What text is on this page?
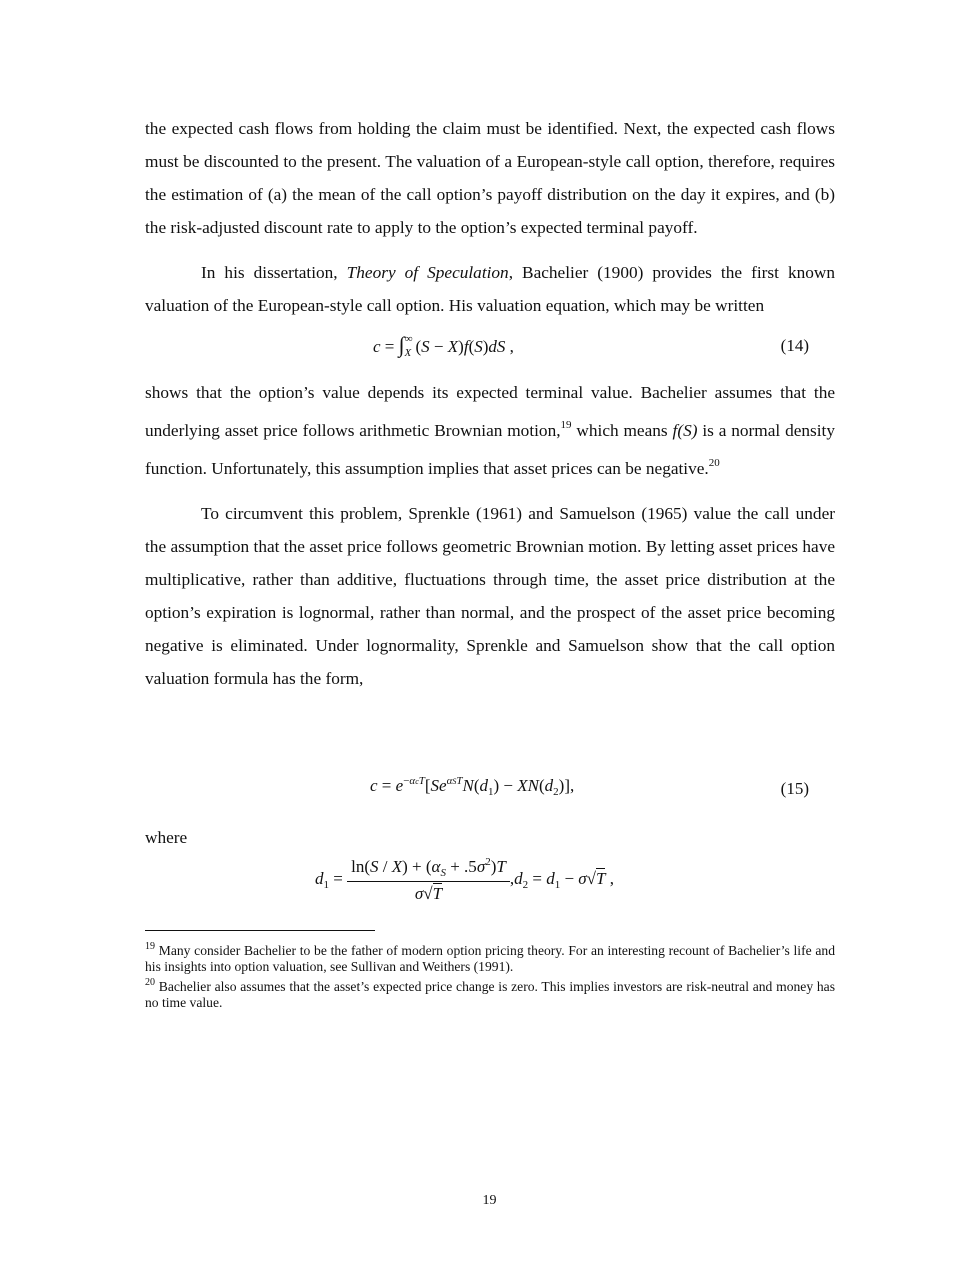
the expected cash flows from holding the claim must be identified. Next, the expected cash flows must be discounted to the present. The valuation of a European-style call option, therefore, requires the estimation of (a) the mean of the call option’s payoff distribution on the day it expires, and (b) the risk-adjusted discount rate to apply to the option’s expected terminal payoff.

In his dissertation, Theory of Speculation, Bachelier (1900) provides the first known valuation of the European-style call option. His valuation equation, which may be written

$c = \int^\infty_X$ (S − X)f(S)dS ,	(14)

shows that the option’s value depends its expected terminal value. Bachelier assumes that the underlying asset price follows arithmetic Brownian motion,$^{19}$ which means f(S) is a normal density function. Unfortunately, this assumption implies that asset prices can be negative.$^{20}$

To circumvent this problem, Sprenkle (1961) and Samuelson (1965) value the call under the assumption that the asset price follows geometric Brownian motion. By letting asset prices have multiplicative, rather than additive, fluctuations through time, the asset price distribution at the option’s expiration is lognormal, rather than normal, and the prospect of the asset price becoming negative is eliminated. Under lognormality, Sprenkle and Samuelson show that the call option valuation formula has the form,

$c = e^{-\alpha cT}[Se^{\alpha ST}N(d_1) - XN(d_2)]$,	(15)

where

$d_1 = \frac{\ln(S / X) + (\alpha_S + .5\sigma^2)T}{\sigma√T} ,d_2 = d_1 - \sigma√T$ ,

$^{19}$ Many consider Bachelier to be the father of modern option pricing theory. For an interesting recount of Bachelier’s life and his insights into option valuation, see Sullivan and Weithers (1991).

$^{20}$ Bachelier also assumes that the asset’s expected price change is zero. This implies investors are risk-neutral and money has no time value.

19
